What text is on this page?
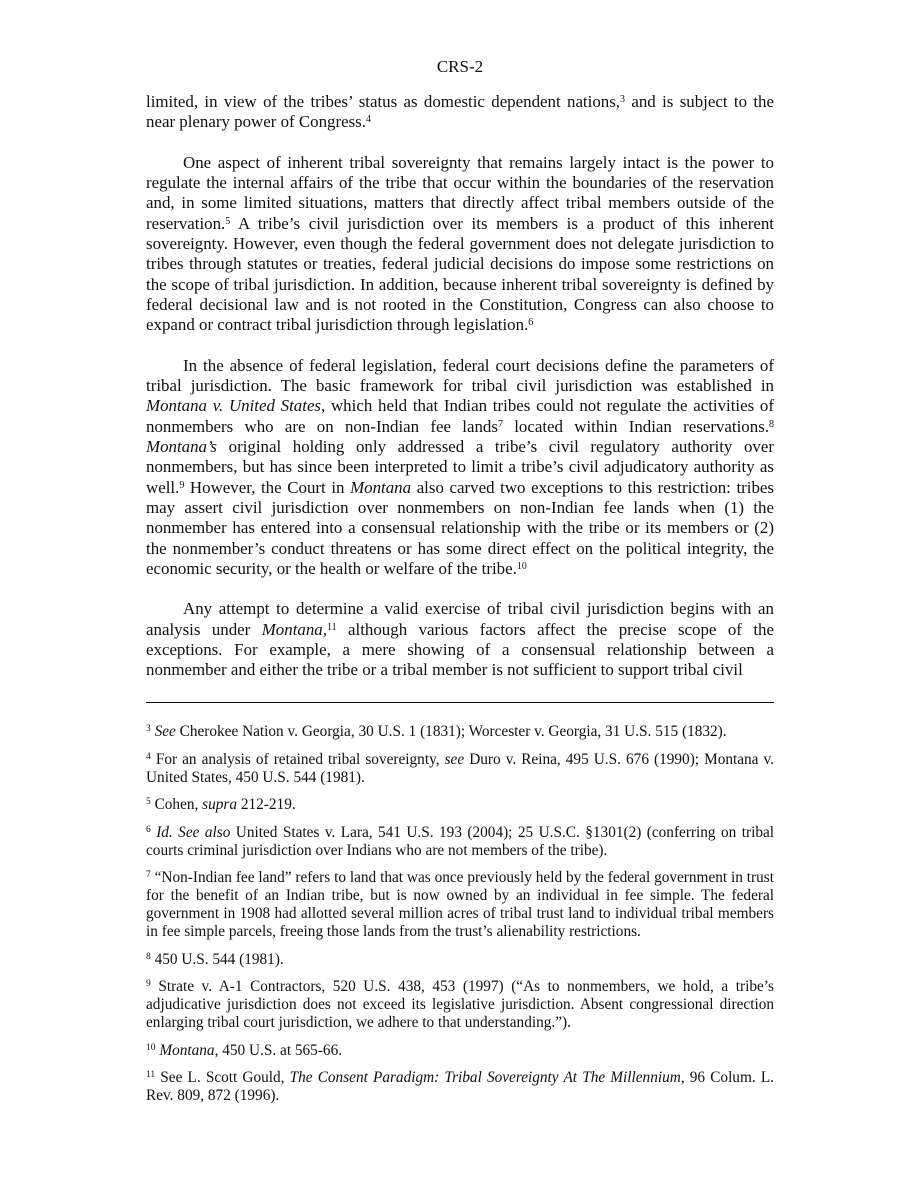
CRS-2

limited, in view of the tribes’ status as domestic dependent nations,$^3$ and is subject to the near plenary power of Congress.$^4$

One aspect of inherent tribal sovereignty that remains largely intact is the power to regulate the internal affairs of the tribe that occur within the boundaries of the reservation and, in some limited situations, matters that directly affect tribal members outside of the reservation.$^5$ A tribe’s civil jurisdiction over its members is a product of this inherent sovereignty. However, even though the federal government does not delegate jurisdiction to tribes through statutes or treaties, federal judicial decisions do impose some restrictions on the scope of tribal jurisdiction. In addition, because inherent tribal sovereignty is defined by federal decisional law and is not rooted in the Constitution, Congress can also choose to expand or contract tribal jurisdiction through legislation.$^6$

In the absence of federal legislation, federal court decisions define the parameters of tribal jurisdiction. The basic framework for tribal civil jurisdiction was established in Montana v. United States, which held that Indian tribes could not regulate the activities of nonmembers who are on non-Indian fee lands$^7$ located within Indian reservations.$^8$ Montana’s original holding only addressed a tribe’s civil regulatory authority over nonmembers, but has since been interpreted to limit a tribe’s civil adjudicatory authority as well.$^9$ However, the Court in Montana also carved two exceptions to this restriction: tribes may assert civil jurisdiction over nonmembers on non-Indian fee lands when (1) the nonmember has entered into a consensual relationship with the tribe or its members or (2) the nonmember’s conduct threatens or has some direct effect on the political integrity, the economic security, or the health or welfare of the tribe.$^{10}$

Any attempt to determine a valid exercise of tribal civil jurisdiction begins with an analysis under Montana,$^{11}$ although various factors affect the precise scope of the exceptions. For example, a mere showing of a consensual relationship between a nonmember and either the tribe or a tribal member is not sufficient to support tribal civil

$^3$ See Cherokee Nation v. Georgia, 30 U.S. 1 (1831); Worcester v. Georgia, 31 U.S. 515 (1832).

$^4$ For an analysis of retained tribal sovereignty, see Duro v. Reina, 495 U.S. 676 (1990); Montana v. United States, 450 U.S. 544 (1981).

$^5$ Cohen, supra 212-219.

$^6$ Id. See also United States v. Lara, 541 U.S. 193 (2004); 25 U.S.C. §1301(2) (conferring on tribal courts criminal jurisdiction over Indians who are not members of the tribe).

$^7$ “Non-Indian fee land” refers to land that was once previously held by the federal government in trust for the benefit of an Indian tribe, but is now owned by an individual in fee simple. The federal government in 1908 had allotted several million acres of tribal trust land to individual tribal members in fee simple parcels, freeing those lands from the trust’s alienability restrictions.

$^8$ 450 U.S. 544 (1981).

$^9$ Strate v. A-1 Contractors, 520 U.S. 438, 453 (1997) (“As to nonmembers, we hold, a tribe’s adjudicative jurisdiction does not exceed its legislative jurisdiction. Absent congressional direction enlarging tribal court jurisdiction, we adhere to that understanding.”).

$^{10}$ Montana, 450 U.S. at 565-66.

$^{11}$ See L. Scott Gould, The Consent Paradigm: Tribal Sovereignty At The Millennium, 96 Colum. L. Rev. 809, 872 (1996).
